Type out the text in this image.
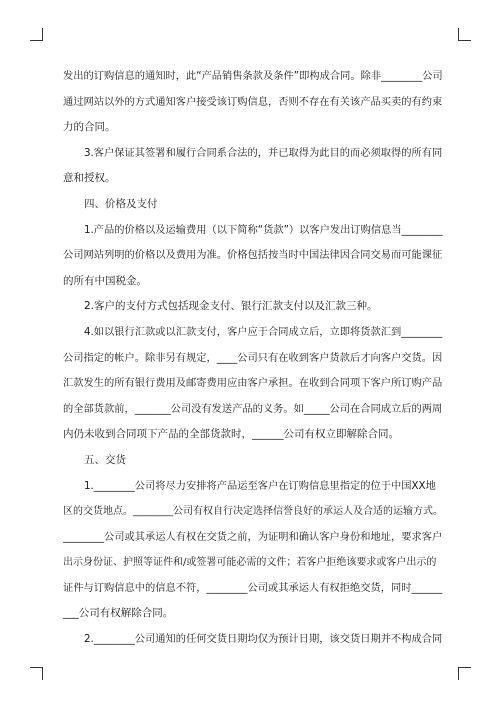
发出的订购信息的通知时，此“产品销售条款及条件”即构成合同。除非________公司
通过网站以外的方式通知客户接受该订购信息，否则不存在有关该产品买卖的有约束
力的合同。
3.客户保证其签署和履行合同系合法的，并已取得为此目的而必须取得的所有同
意和授权。
四、价格及支付
1.产品的价格以及运输费用（以下简称“货款”）以客户发出订购信息当________
公司网站列明的价格以及费用为准。价格包括按当时中国法律因合同交易而可能课征
的所有中国税金。
2.客户的支付方式包括现金支付、银行汇款支付以及汇款三种。
4.如以银行汇款或以汇款支付，客户应于合同成立后，立即将货款汇到________
公司指定的帐户。除非另有规定，____公司只有在收到客户货款后才向客户交货。因
汇款发生的所有银行费用及邮寄费用应由客户承担。在收到合同项下客户所订购产品
的全部货款前，_______公司没有发送产品的义务。如_____公司在合同成立后的两周
内仍未收到合同项下产品的全部货款时，______公司有权立即解除合同。
五、交货
1.________公司将尽力安排将产品运至客户在订购信息里指定的位于中国XX地
区的交货地点。________公司有权自行决定选择信誉良好的承运人及合适的运输方式。
________公司或其承运人有权在交货之前，为证明和确认客户身份和地址，要求客户
出示身份证、护照等证件和/或签署可能必需的文件；若客户拒绝该要求或客户出示的
证件与订购信息中的信息不符，________公司或其承运人有权拒绝交货，同时______
___公司有权解除合同。
2.________公司通知的任何交货日期均仅为预计日期，该交货日期并不构成合同
